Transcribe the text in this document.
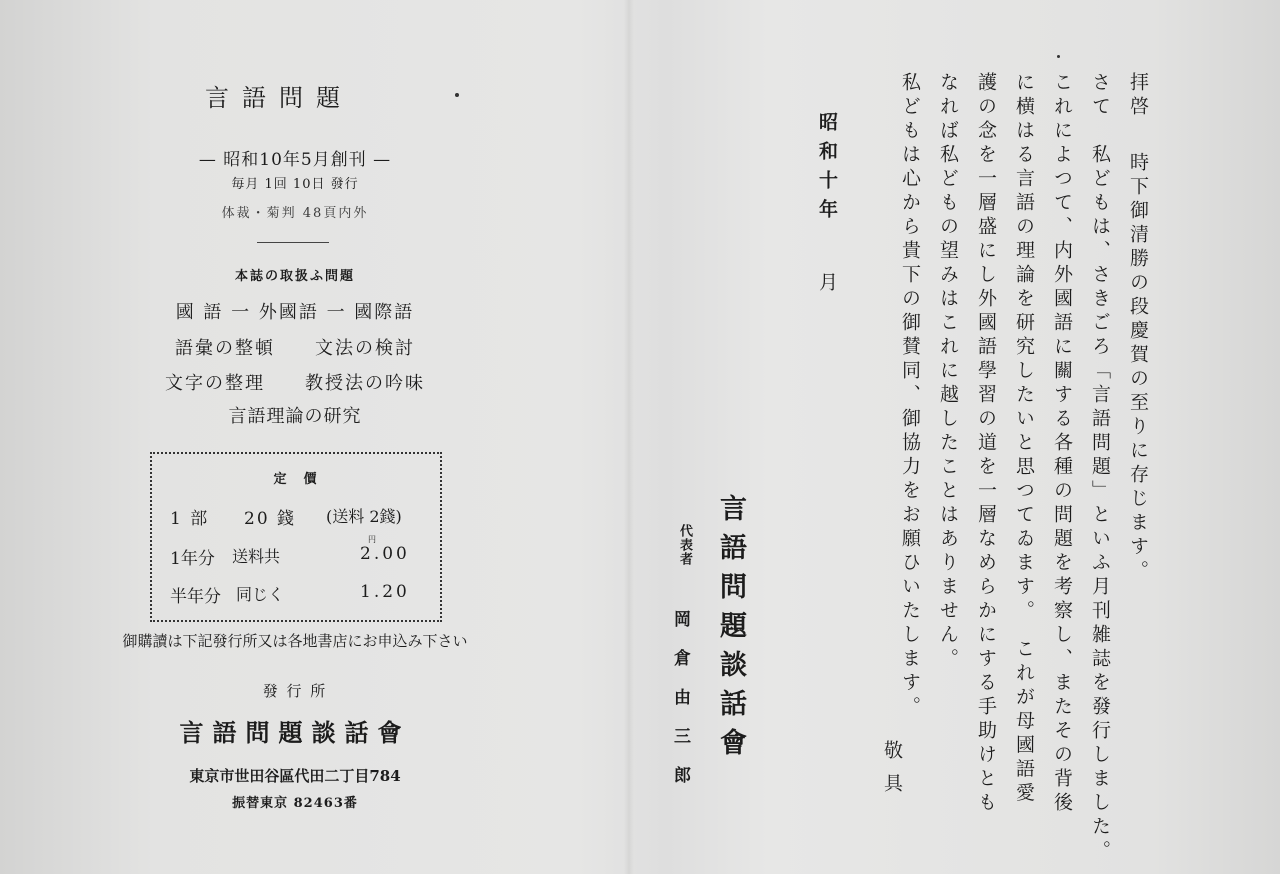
言語問題
— 昭和10年5月創刊 —
毎月 1回 10日 發行
体裁・菊判 48頁内外
本誌の取扱ふ問題
國 語 一 外國語 一 國際語
語彙の整頓　　文法の検討
文字の整理　　教授法の吟味
言語理論の研究
定　價
1 部 20 錢 (送料 2錢)
1年分 送料共
円
2.00
半年分 同じく	1.20
御購讀は下記發行所又は各地書店にお申込み下さい
發 行 所
言語問題談話會
東京市世田谷區代田二丁目784
振替東京 82463番
拝啓
　時下御清勝の段慶賀の至りに存じます。
さて　私どもは、さきごろ「言語問題」といふ月刊雑誌を發行しました。
これによつて、内外國語に關する各種の問題を考察し、またその背後
に横はる言語の理論を研究したいと思つてゐます。　これが母國語愛
護の念を一層盛にし外國語學習の道を一層なめらかにする手助けとも
なれば私どもの望みはこれに越したことはありません。
私どもは心から貴下の御賛同、御協力をお願ひいたします。
敬具
昭和十年
月
言語問題談話會
代表者
岡倉由三郎
